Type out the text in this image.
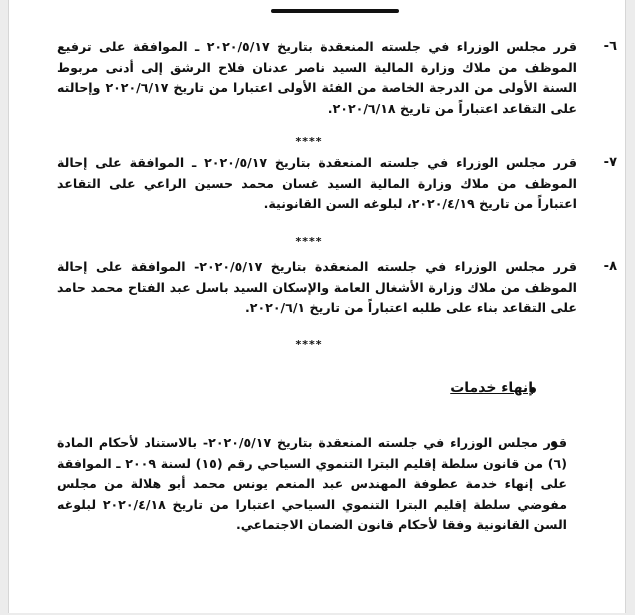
٦-
قرر مجلس الوزراء في جلسته المنعقدة بتاريخ ٢٠٢٠/٥/١٧ ـ الموافقة على ترفيع الموظف من ملاك وزارة المالية السيد ناصر عدنان فلاح الرشق إلى أدنى مربوط السنة الأولى من الدرجة الخاصة من الفئة الأولى اعتبارا من تاريخ ٢٠٢٠/٦/١٧ وإحالته على التقاعد اعتباراً من تاريخ ٢٠٢٠/٦/١٨.
****
٧-
قرر مجلس الوزراء في جلسته المنعقدة بتاريخ ٢٠٢٠/٥/١٧ ـ الموافقة على إحالة الموظف من ملاك وزارة المالية السيد غسان محمد حسين الراعي على التقاعد اعتباراً من تاريخ ٢٠٢٠/٤/١٩، لبلوغه السن القانونية.
****
٨-
قرر مجلس الوزراء في جلسته المنعقدة بتاريخ ٢٠٢٠/٥/١٧- الموافقة على إحالة الموظف من ملاك وزارة الأشغال العامة والإسكان السيد باسل عبد الفتاح محمد حامد على التقاعد بناء على طلبه اعتباراً من تاريخ ٢٠٢٠/٦/١.
****
إنهاء خدمات
قرر مجلس الوزراء في جلسته المنعقدة بتاريخ ٢٠٢٠/٥/١٧- بالاستناد لأحكام المادة (٦) من قانون سلطة إقليم البترا التنموي السياحي رقم (١٥) لسنة ٢٠٠٩ ـ الموافقة على إنهاء خدمة عطوفة المهندس عبد المنعم يونس محمد أبو هلالة من مجلس مفوضي سلطة إقليم البترا التنموي السياحي اعتبارا من تاريخ ٢٠٢٠/٤/١٨ لبلوغه السن القانونية وفقا لأحكام قانون الضمان الاجتماعي.
